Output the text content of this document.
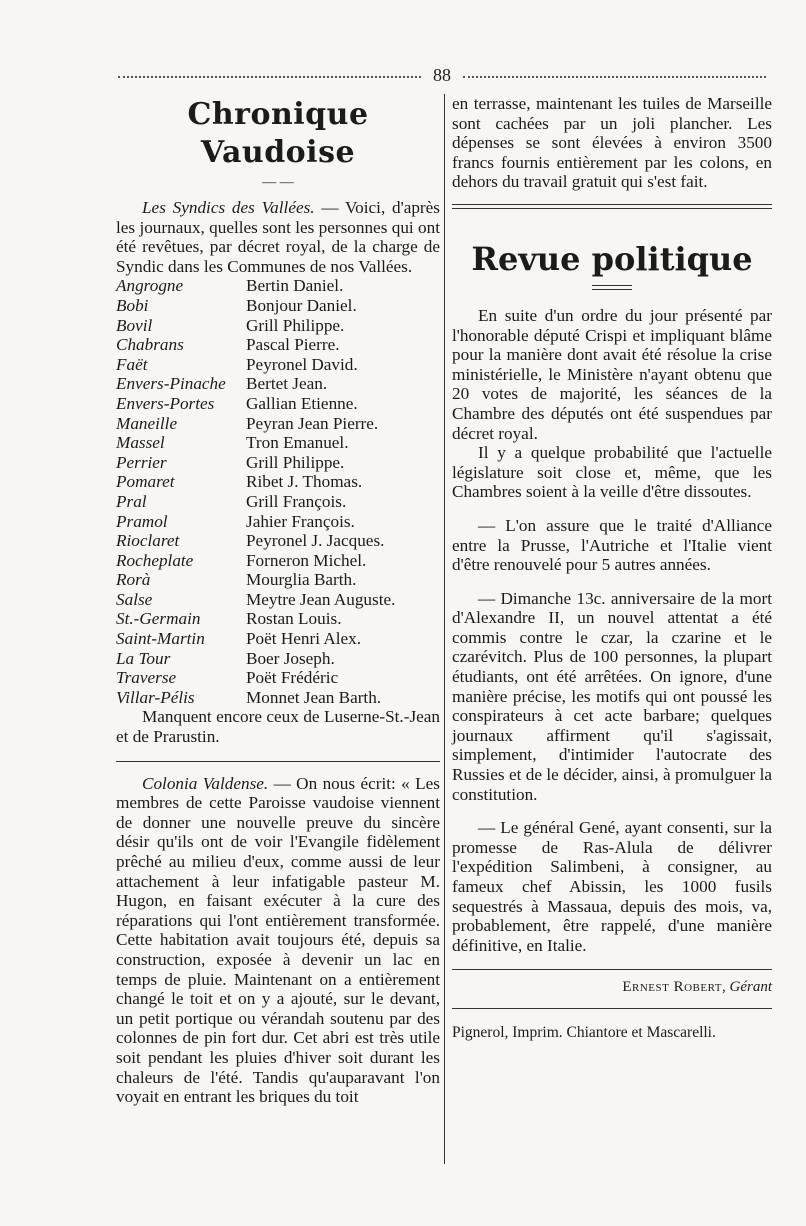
88
Chronique Vaudoise
— —

Les Syndics des Vallées. — Voici, d'après les journaux, quelles sont les personnes qui ont été revêtues, par décret royal, de la charge de Syndic dans les Communes de nos Vallées.

Angrogne	Bertin Daniel.
Bobi	Bonjour Daniel.
Bovil	Grill Philippe.
Chabrans	Pascal Pierre.
Faët	Peyronel David.
Envers-Pinache	Bertet Jean.
Envers-Portes	Gallian Etienne.
Maneille	Peyran Jean Pierre.
Massel	Tron Emanuel.
Perrier	Grill Philippe.
Pomaret	Ribet J. Thomas.
Pral	Grill François.
Pramol	Jahier François.
Rioclaret	Peyronel J. Jacques.
Rocheplate	Forneron Michel.
Rorà	Mourglia Barth.
Salse	Meytre Jean Auguste.
St.-Germain	Rostan Louis.
Saint-Martin	Poët Henri Alex.
La Tour	Boer Joseph.
Traverse	Poët Frédéric
Villar-Pélis	Monnet Jean Barth.

Manquent encore ceux de Luserne-St.-Jean et de Prarustin.

Colonia Valdense. — On nous écrit: « Les membres de cette Paroisse vaudoise viennent de donner une nouvelle preuve du sincère désir qu'ils ont de voir l'Evangile fidèlement prêché au milieu d'eux, comme aussi de leur attachement à leur infatigable pasteur M. Hugon, en faisant exécuter à la cure des réparations qui l'ont entièrement transformée. Cette habitation avait toujours été, depuis sa construction, exposée à devenir un lac en temps de pluie. Maintenant on a entièrement changé le toit et on y a ajouté, sur le devant, un petit portique ou vérandah soutenu par des colonnes de pin fort dur. Cet abri est très utile soit pendant les pluies d'hiver soit durant les chaleurs de l'été. Tandis qu'auparavant l'on voyait en entrant les briques du toit

en terrasse, maintenant les tuiles de Marseille sont cachées par un joli plancher. Les dépenses se sont élevées à environ 3500 francs fournis entièrement par les colons, en dehors du travail gratuit qui s'est fait.

Revue politique

En suite d'un ordre du jour présenté par l'honorable député Crispi et impliquant blâme pour la manière dont avait été résolue la crise ministérielle, le Ministère n'ayant obtenu que 20 votes de majorité, les séances de la Chambre des députés ont été suspendues par décret royal.

Il y a quelque probabilité que l'actuelle législature soit close et, même, que les Chambres soient à la veille d'être dissoutes.

— L'on assure que le traité d'Alliance entre la Prusse, l'Autriche et l'Italie vient d'être renouvelé pour 5 autres années.

— Dimanche 13c. anniversaire de la mort d'Alexandre II, un nouvel attentat a été commis contre le czar, la czarine et le czarévitch. Plus de 100 personnes, la plupart étudiants, ont été arrêtées. On ignore, d'une manière précise, les motifs qui ont poussé les conspirateurs à cet acte barbare; quelques journaux affirment qu'il s'agissait, simplement, d'intimider l'autocrate des Russies et de le décider, ainsi, à promulguer la constitution.

— Le général Gené, ayant consenti, sur la promesse de Ras-Alula de délivrer l'expédition Salimbeni, à consigner, au fameux chef Abissin, les 1000 fusils sequestrés à Massaua, depuis des mois, va, probablement, être rappelé, d'une manière définitive, en Italie.

Ernest Robert, Gérant
Pignerol, Imprim. Chiantore et Mascarelli.
